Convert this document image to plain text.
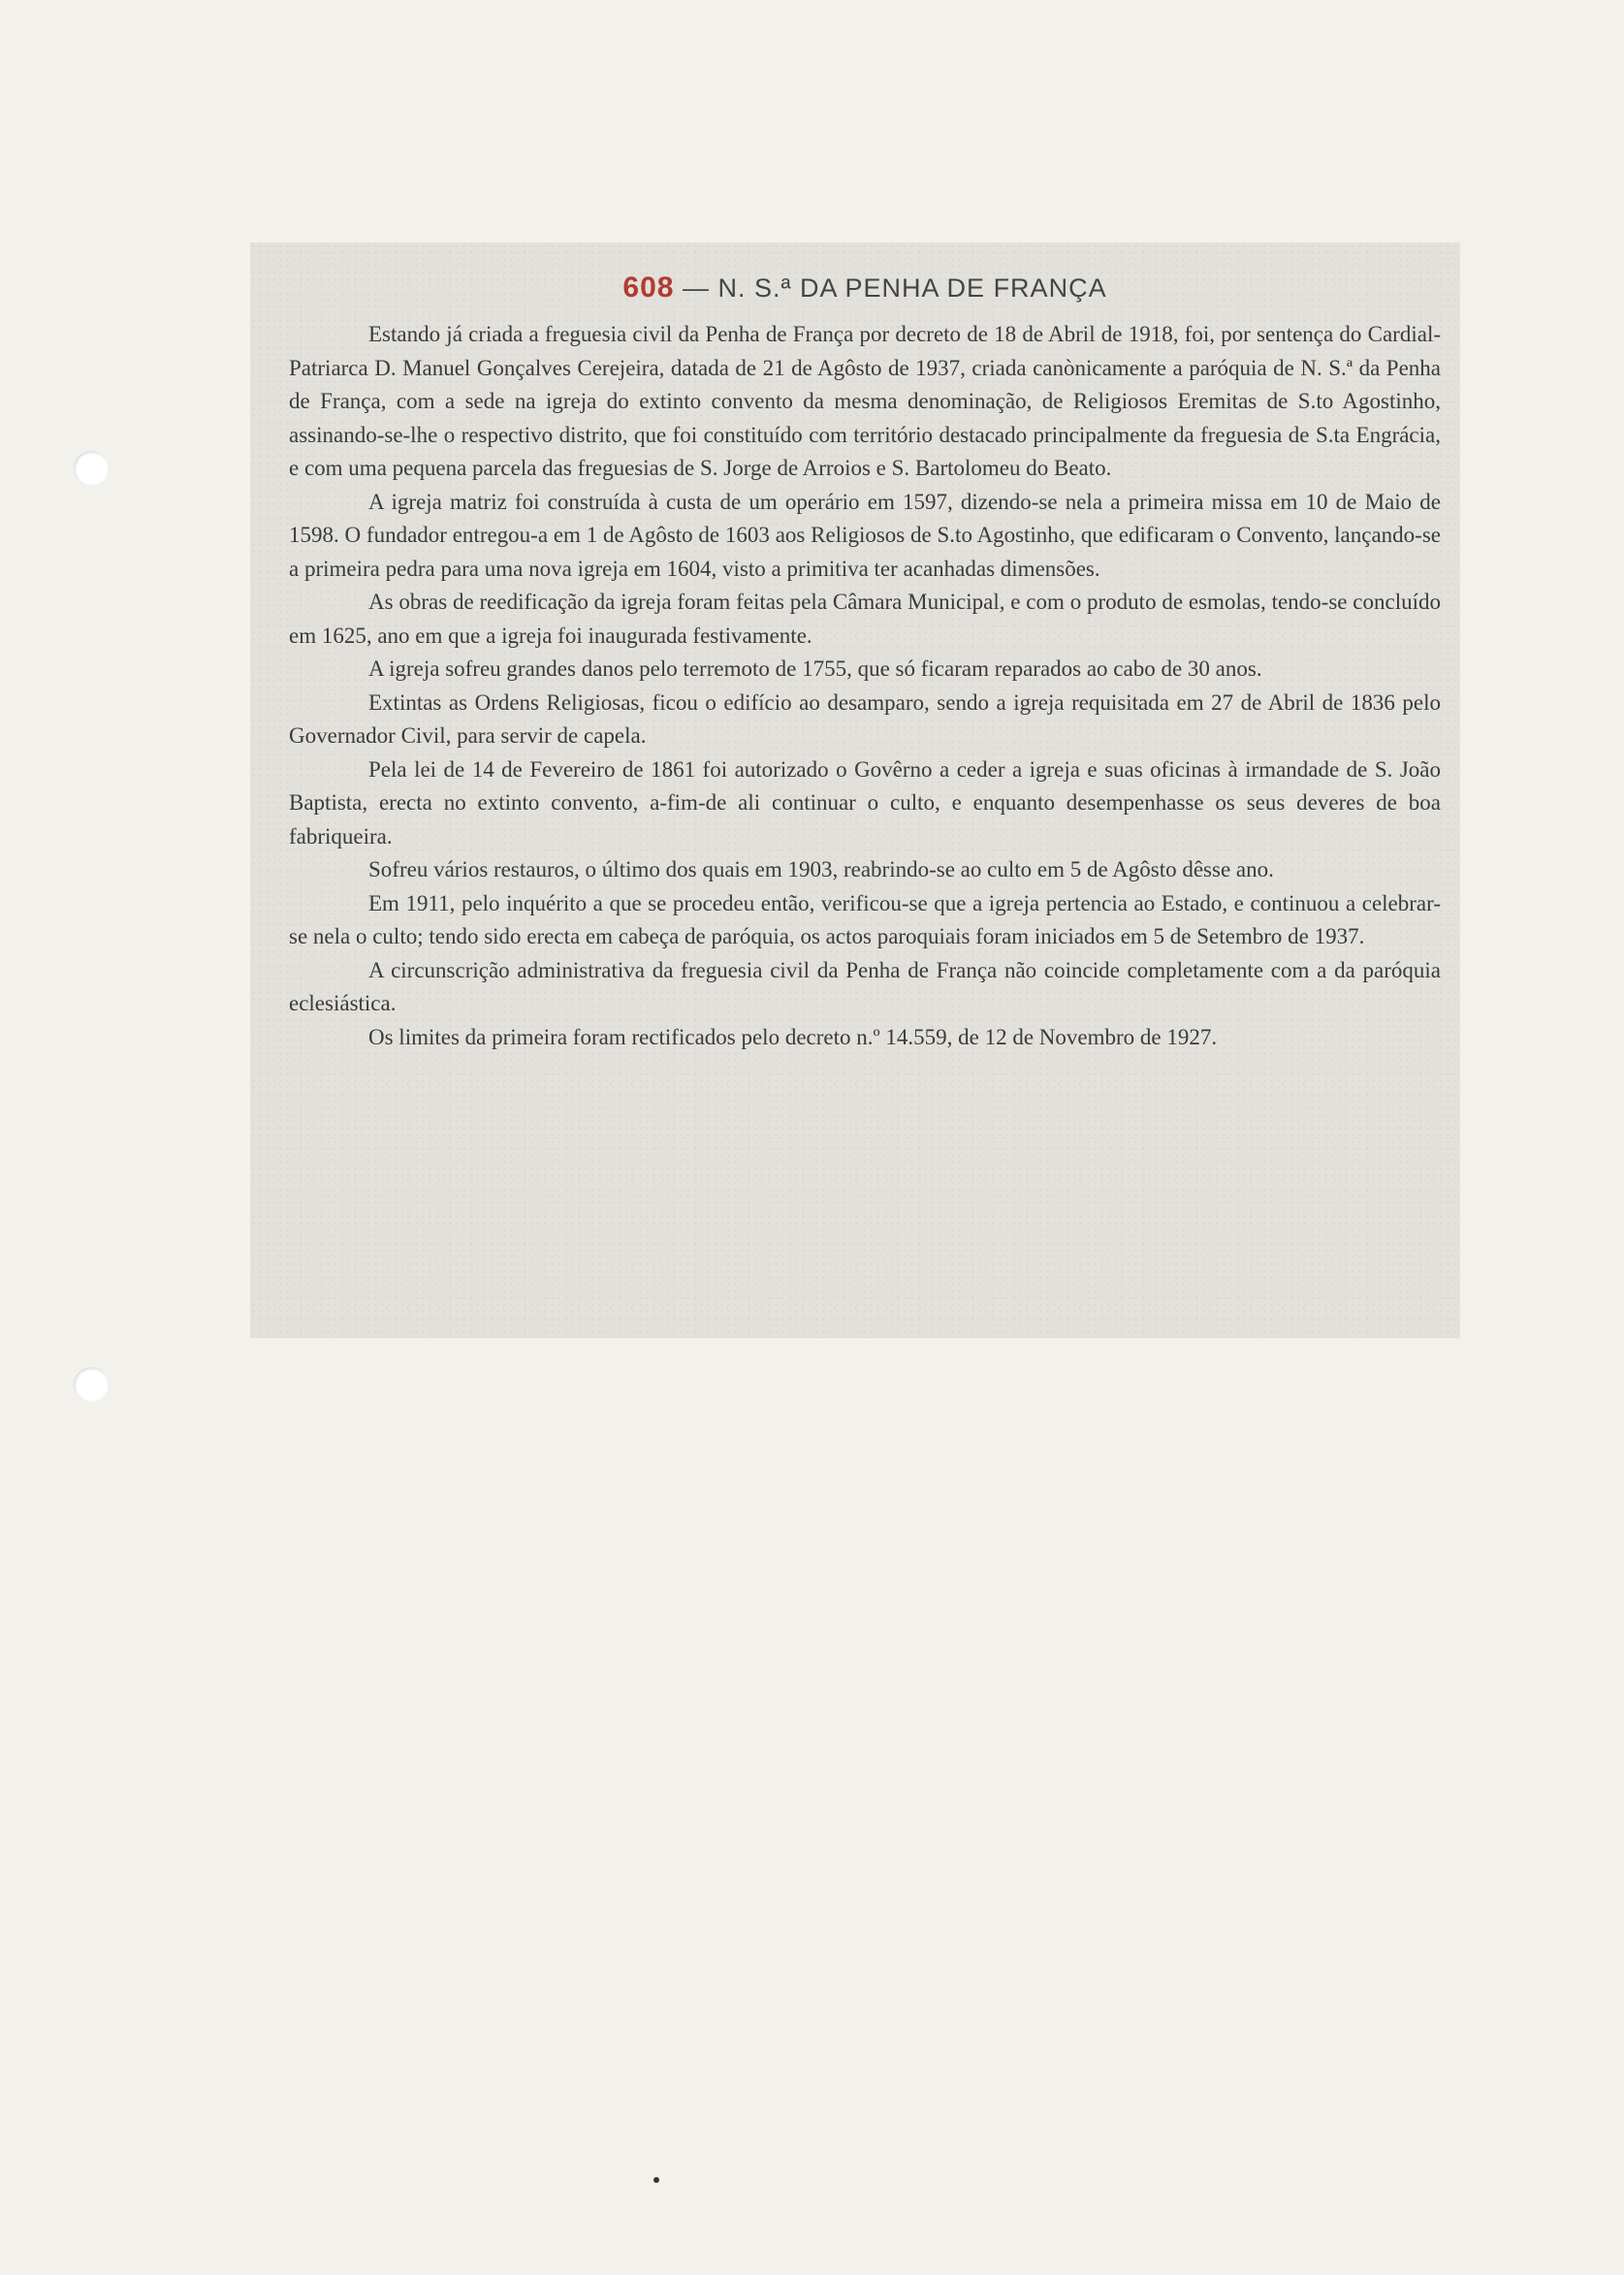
608 — N. S.ª DA PENHA DE FRANÇA

Estando já criada a freguesia civil da Penha de França por decreto de 18 de Abril de 1918, foi, por sentença do Cardial-Patriarca D. Manuel Gonçalves Cerejeira, datada de 21 de Agôsto de 1937, criada canònicamente a paróquia de N. S.ª da Penha de França, com a sede na igreja do extinto convento da mesma denominação, de Religiosos Eremitas de S.to Agostinho, assinando-se-lhe o respectivo distrito, que foi constituído com território destacado principalmente da freguesia de S.ta Engrácia, e com uma pequena parcela das freguesias de S. Jorge de Arroios e S. Bartolomeu do Beato.

A igreja matriz foi construída à custa de um operário em 1597, dizendo-se nela a primeira missa em 10 de Maio de 1598. O fundador entregou-a em 1 de Agôsto de 1603 aos Religiosos de S.to Agostinho, que edificaram o Convento, lançando-se a primeira pedra para uma nova igreja em 1604, visto a primitiva ter acanhadas dimensões.

As obras de reedificação da igreja foram feitas pela Câmara Municipal, e com o produto de esmolas, tendo-se concluído em 1625, ano em que a igreja foi inaugurada festivamente.

A igreja sofreu grandes danos pelo terremoto de 1755, que só ficaram reparados ao cabo de 30 anos.

Extintas as Ordens Religiosas, ficou o edifício ao desamparo, sendo a igreja requisitada em 27 de Abril de 1836 pelo Governador Civil, para servir de capela.

Pela lei de 14 de Fevereiro de 1861 foi autorizado o Govêrno a ceder a igreja e suas oficinas à irmandade de S. João Baptista, erecta no extinto convento, a-fim-de ali continuar o culto, e enquanto desempenhasse os seus deveres de boa fabriqueira.

Sofreu vários restauros, o último dos quais em 1903, reabrindo-se ao culto em 5 de Agôsto dêsse ano.

Em 1911, pelo inquérito a que se procedeu então, verificou-se que a igreja pertencia ao Estado, e continuou a celebrar-se nela o culto; tendo sido erecta em cabeça de paróquia, os actos paroquiais foram iniciados em 5 de Setembro de 1937.

A circunscrição administrativa da freguesia civil da Penha de França não coincide completamente com a da paróquia eclesiástica.

Os limites da primeira foram rectificados pelo decreto n.º 14.559, de 12 de Novembro de 1927.
